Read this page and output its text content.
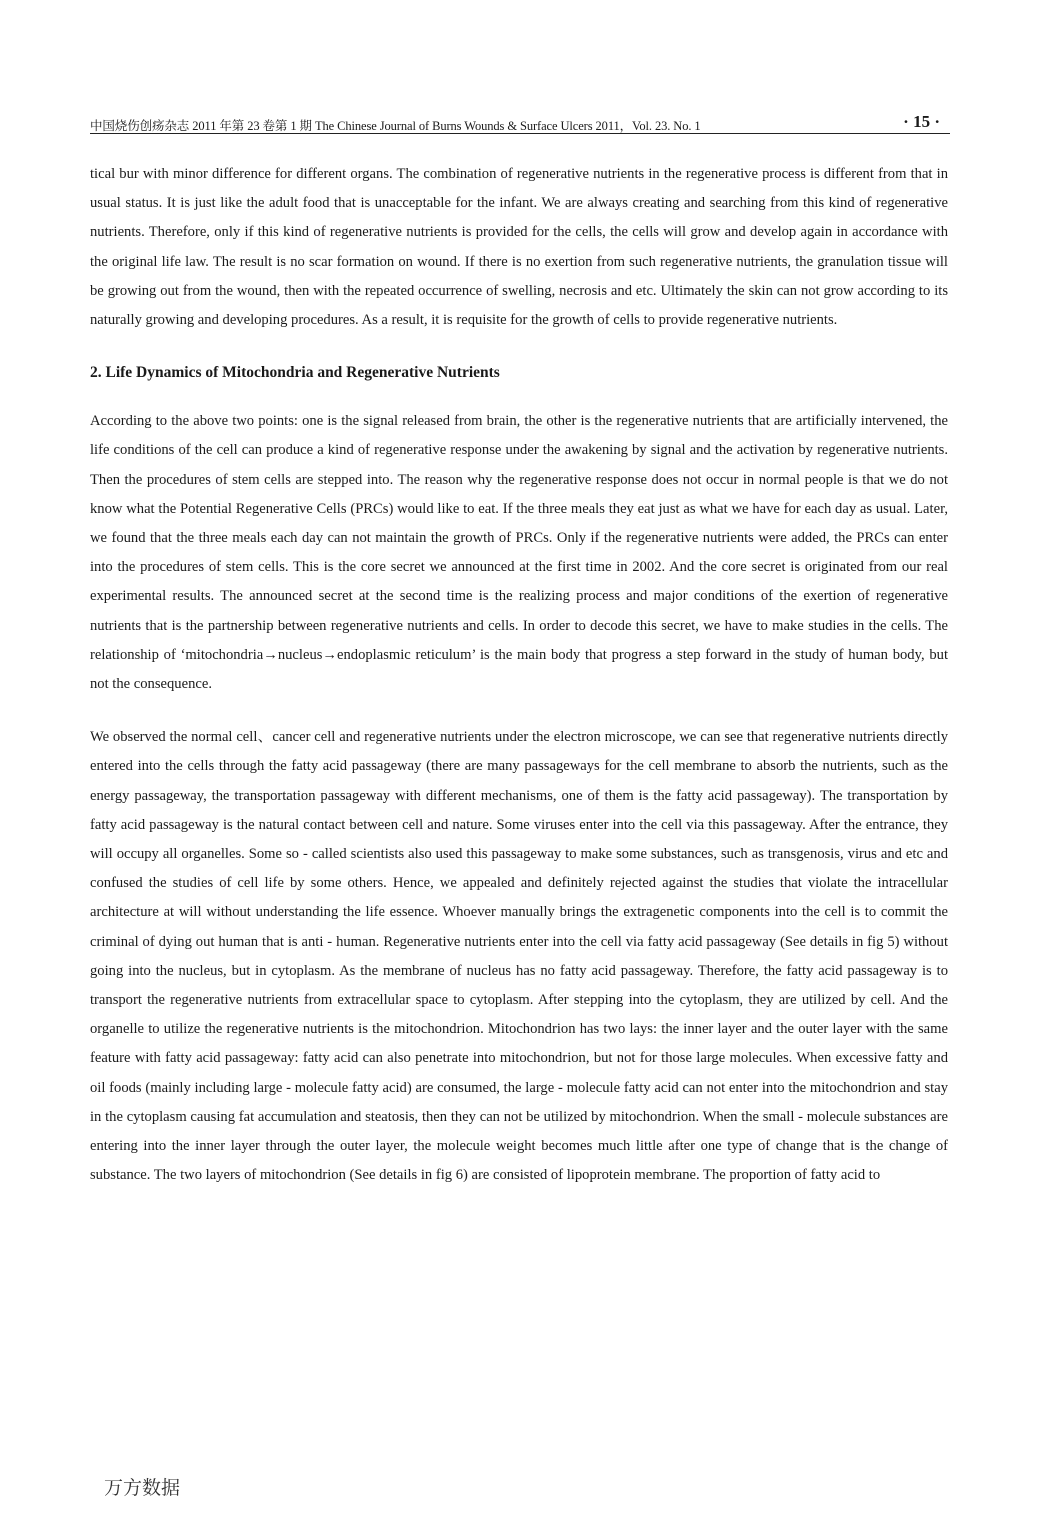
中国烧伤创疡杂志 2011 年第 23 卷第 1 期 The Chinese Journal of Burns Wounds & Surface Ulcers 2011，Vol. 23. No. 1	· 15 ·

tical bur with minor difference for different organs. The combination of regenerative nutrients in the regenerative process is different from that in usual status. It is just like the adult food that is unacceptable for the infant. We are always creating and searching from this kind of regenerative nutrients. Therefore, only if this kind of regenerative nutrients is provided for the cells, the cells will grow and develop again in accordance with the original life law. The result is no scar formation on wound. If there is no exertion from such regenerative nutrients, the granulation tissue will be growing out from the wound, then with the repeated occurrence of swelling, necrosis and etc. Ultimately the skin can not grow according to its naturally growing and developing procedures. As a result, it is requisite for the growth of cells to provide regenerative nutrients.

2. Life Dynamics of Mitochondria and Regenerative Nutrients

According to the above two points: one is the signal released from brain, the other is the regenerative nutrients that are artificially intervened, the life conditions of the cell can produce a kind of regenerative response under the awakening by signal and the activation by regenerative nutrients. Then the procedures of stem cells are stepped into. The reason why the regenerative response does not occur in normal people is that we do not know what the Potential Regenerative Cells (PRCs) would like to eat. If the three meals they eat just as what we have for each day as usual. Later, we found that the three meals each day can not maintain the growth of PRCs. Only if the regenerative nutrients were added, the PRCs can enter into the procedures of stem cells. This is the core secret we announced at the first time in 2002. And the core secret is originated from our real experimental results. The announced secret at the second time is the realizing process and major conditions of the exertion of regenerative nutrients that is the partnership between regenerative nutrients and cells. In order to decode this secret, we have to make studies in the cells. The relationship of ‘mitochondria→nucleus→endoplasmic reticulum’ is the main body that progress a step forward in the study of human body, but not the consequence.

We observed the normal cell、cancer cell and regenerative nutrients under the electron microscope, we can see that regenerative nutrients directly entered into the cells through the fatty acid passageway (there are many passageways for the cell membrane to absorb the nutrients, such as the energy passageway, the transportation passageway with different mechanisms, one of them is the fatty acid passageway). The transportation by fatty acid passageway is the natural contact between cell and nature. Some viruses enter into the cell via this passageway. After the entrance, they will occupy all organelles. Some so - called scientists also used this passageway to make some substances, such as transgenosis, virus and etc and confused the studies of cell life by some others. Hence, we appealed and definitely rejected against the studies that violate the intracellular architecture at will without understanding the life essence. Whoever manually brings the extragenetic components into the cell is to commit the criminal of dying out human that is anti - human. Regenerative nutrients enter into the cell via fatty acid passageway (See details in fig 5) without going into the nucleus, but in cytoplasm. As the membrane of nucleus has no fatty acid passageway. Therefore, the fatty acid passageway is to transport the regenerative nutrients from extracellular space to cytoplasm. After stepping into the cytoplasm, they are utilized by cell. And the organelle to utilize the regenerative nutrients is the mitochondrion. Mitochondrion has two lays: the inner layer and the outer layer with the same feature with fatty acid passageway: fatty acid can also penetrate into mitochondrion, but not for those large molecules. When excessive fatty and oil foods (mainly including large - molecule fatty acid) are consumed, the large - molecule fatty acid can not enter into the mitochondrion and stay in the cytoplasm causing fat accumulation and steatosis, then they can not be utilized by mitochondrion. When the small - molecule substances are entering into the inner layer through the outer layer, the molecule weight becomes much little after one type of change that is the change of substance. The two layers of mitochondrion (See details in fig 6) are consisted of lipoprotein membrane. The proportion of fatty acid to

万方数据
